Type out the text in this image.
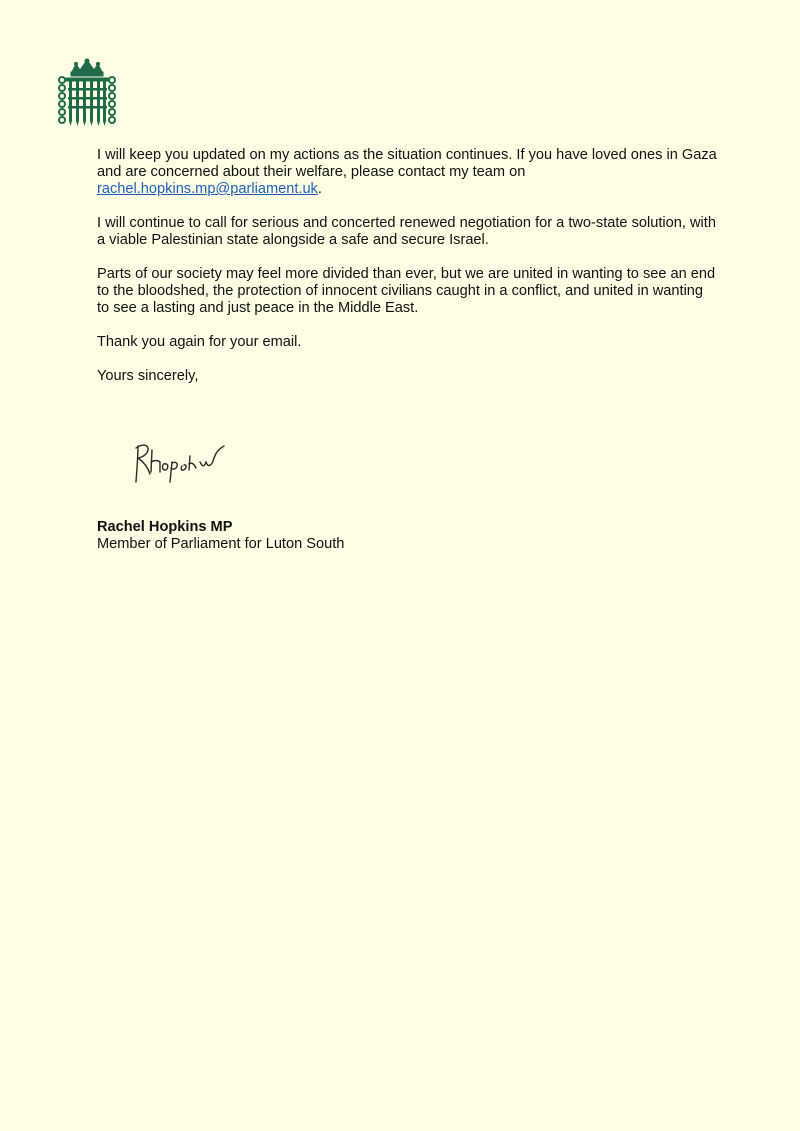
I will keep you updated on my actions as the situation continues. If you have loved ones in Gaza and are concerned about their welfare, please contact my team on rachel.hopkins.mp@parliament.uk.

I will continue to call for serious and concerted renewed negotiation for a two-state solution, with a viable Palestinian state alongside a safe and secure Israel.

Parts of our society may feel more divided than ever, but we are united in wanting to see an end to the bloodshed, the protection of innocent civilians caught in a conflict, and united in wanting to see a lasting and just peace in the Middle East.

Thank you again for your email.

Yours sincerely,

Rachel Hopkins MP
Member of Parliament for Luton South
